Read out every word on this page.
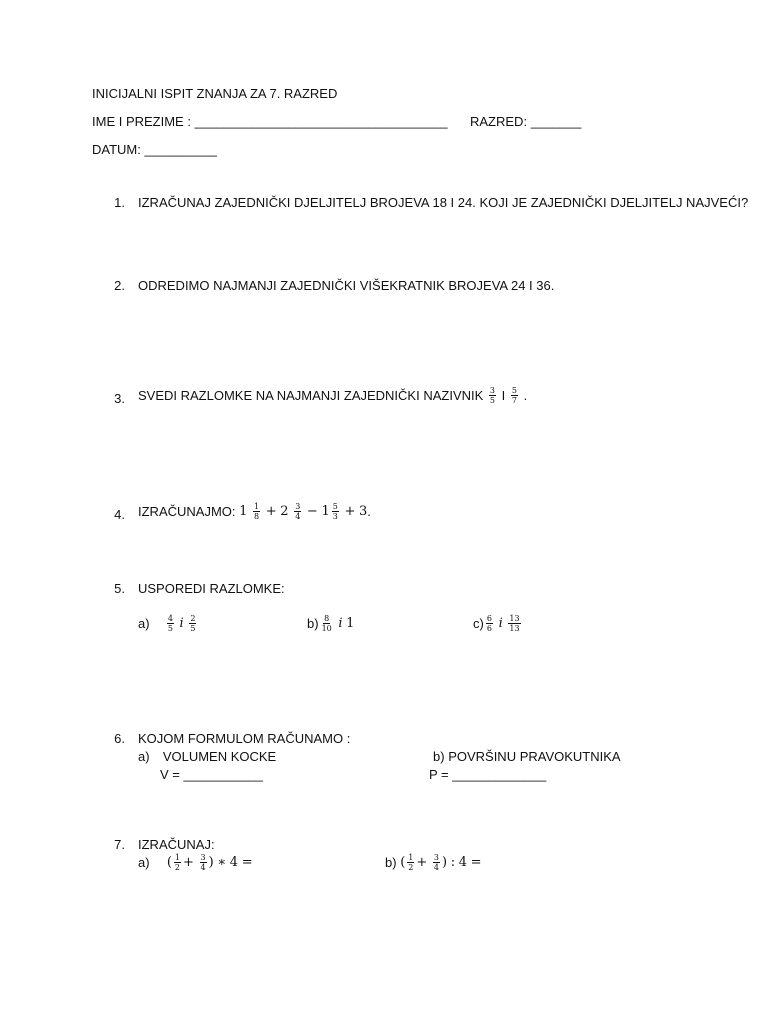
INICIJALNI ISPIT ZNANJA ZA 7. RAZRED
IME I PREZIME : ___________________________________ RAZRED: _______
DATUM: __________
1. IZRAČUNAJ ZAJEDNIČKI DJELJITELJ BROJEVA 18 I 24. KOJI JE ZAJEDNIČKI DJELJITELJ NAJVEĆI?
2. ODREDIMO NAJMANJI ZAJEDNIČKI VIŠEKRATNIK BROJEVA 24 I 36.
3. SVEDI RAZLOMKE NA NAJMANJI ZAJEDNIČKI NAZIVNIK $\frac{3}{5}$ I $\frac{5}{7}$ .
4. IZRAČUNAJMO: $1 \frac{1}{8} + 2 \frac{3}{4} - 1 \frac{5}{3} + 3$.
5. USPOREDI RAZLOMKE:
$a) \frac{4}{5}$ i $\frac{2}{5}$	$b) \frac{8}{10}$ i 1	$c) \frac{6}{6}$ i $\frac{13}{13}$
6. KOJOM FORMULOM RAČUNAMO :
a) VOLUMEN KOCKE
V = ___________
b) POVRŠINU PRAVOKUTNIKA
P = _____________
7. IZRAČUNAJ:
a) ( $\frac{1}{2} + \frac{3}{4}$ ) ∗ 4 =	b) ( $\frac{1}{2} + \frac{3}{4}$ ) : 4 =
